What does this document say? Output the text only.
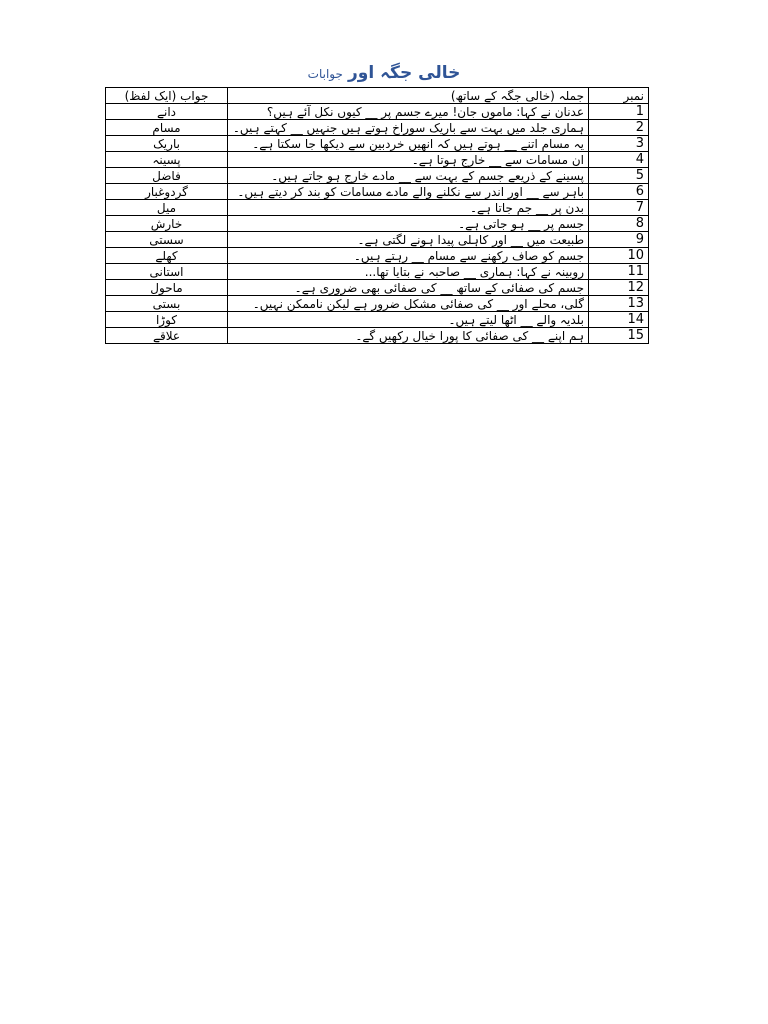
خالی جگہ اور جوابات
نمبر	جملہ (خالی جگہ کے ساتھ)	جواب (ایک لفظ)
1	عدنان نے کہا: ماموں جان! میرے جسم پر __ کیوں نکل آئے ہیں؟	دانے
2	ہماری جلد میں بہت سے باریک سوراخ ہوتے ہیں جنہیں __ کہتے ہیں۔	مسام
3	یہ مسام اتنے __ ہوتے ہیں کہ انھیں خردبین سے دیکھا جا سکتا ہے۔	باریک
4	ان مسامات سے __ خارج ہوتا ہے۔	پسینہ
5	پسینے کے ذریعے جسم کے بہت سے __ مادے خارج ہو جاتے ہیں۔	فاضل
6	باہر سے __ اور اندر سے نکلنے والے مادے مسامات کو بند کر دیتے ہیں۔	گردوغبار
7	بدن پر __ جم جاتا ہے۔	میل
8	جسم پر __ ہو جاتی ہے۔	خارش
9	طبیعت میں __ اور کاہلی پیدا ہونے لگتی ہے۔	سستی
10	جسم کو صاف رکھنے سے مسام __ رہتے ہیں۔	کھلے
11	روبینہ نے کہا: ہماری __ صاحبہ نے بتایا تھا...	استانی
12	جسم کی صفائی کے ساتھ __ کی صفائی بھی ضروری ہے۔	ماحول
13	گلی، محلے اور __ کی صفائی مشکل ضرور ہے لیکن ناممکن نہیں۔	بستی
14	بلدیہ والے __ اٹھا لیتے ہیں۔	کوڑا
15	ہم اپنے __ کی صفائی کا پورا خیال رکھیں گے۔	علاقے
